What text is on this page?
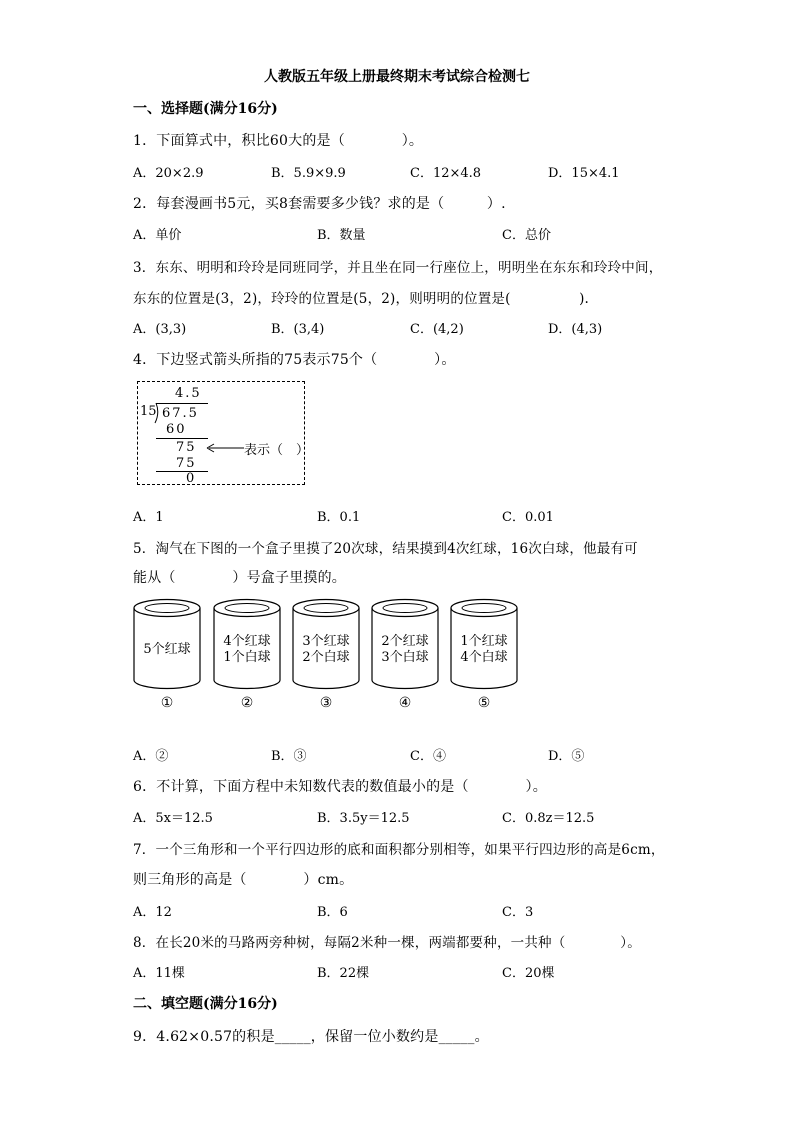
人教版五年级上册最终期末考试综合检测七
一、选择题(满分16分)
1．下面算式中，积比60大的是（　　　　）。
A．20×2.9	B．5.9×9.9	C．12×4.8	D．15×4.1
2．每套漫画书5元，买8套需要多少钱？求的是（　　　）.
A．单价	B．数量	C．总价
3．东东、明明和玲玲是同班同学，并且坐在同一行座位上，明明坐在东东和玲玲中间，
东东的位置是(3，2)，玲玲的位置是(5，2)，则明明的位置是(　　　　　).
A．(3,3)	B．(3,4)	C．(4,2)	D．(4,3)
4．下边竖式箭头所指的75表示75个（　　　　）。
4.5
15 67.5
60
75	表示（　）
75
0
A．1	B．0.1	C．0.01
5．淘气在下图的一个盒子里摸了20次球，结果摸到4次红球，16次白球，他最有可
能从（　　　　）号盒子里摸的。
5个红球
4个红球
1个白球
3个红球
2个白球
2个红球
3个白球
1个红球
4个白球
①	②	③	④	⑤
A．②	B．③	C．④	D．⑤
6．不计算，下面方程中未知数代表的数值最小的是（　　　　）。
A．5x＝12.5	B．3.5y＝12.5	C．0.8z＝12.5
7．一个三角形和一个平行四边形的底和面积都分别相等，如果平行四边形的高是6cm，
则三角形的高是（　　　　）cm。
A．12	B．6	C．3
8．在长20米的马路两旁种树，每隔2米种一棵，两端都要种，一共种（　　　　）。
A．11棵	B．22棵	C．20棵
二、填空题(满分16分)
9．4.62×0.57的积是_____，保留一位小数约是_____。
